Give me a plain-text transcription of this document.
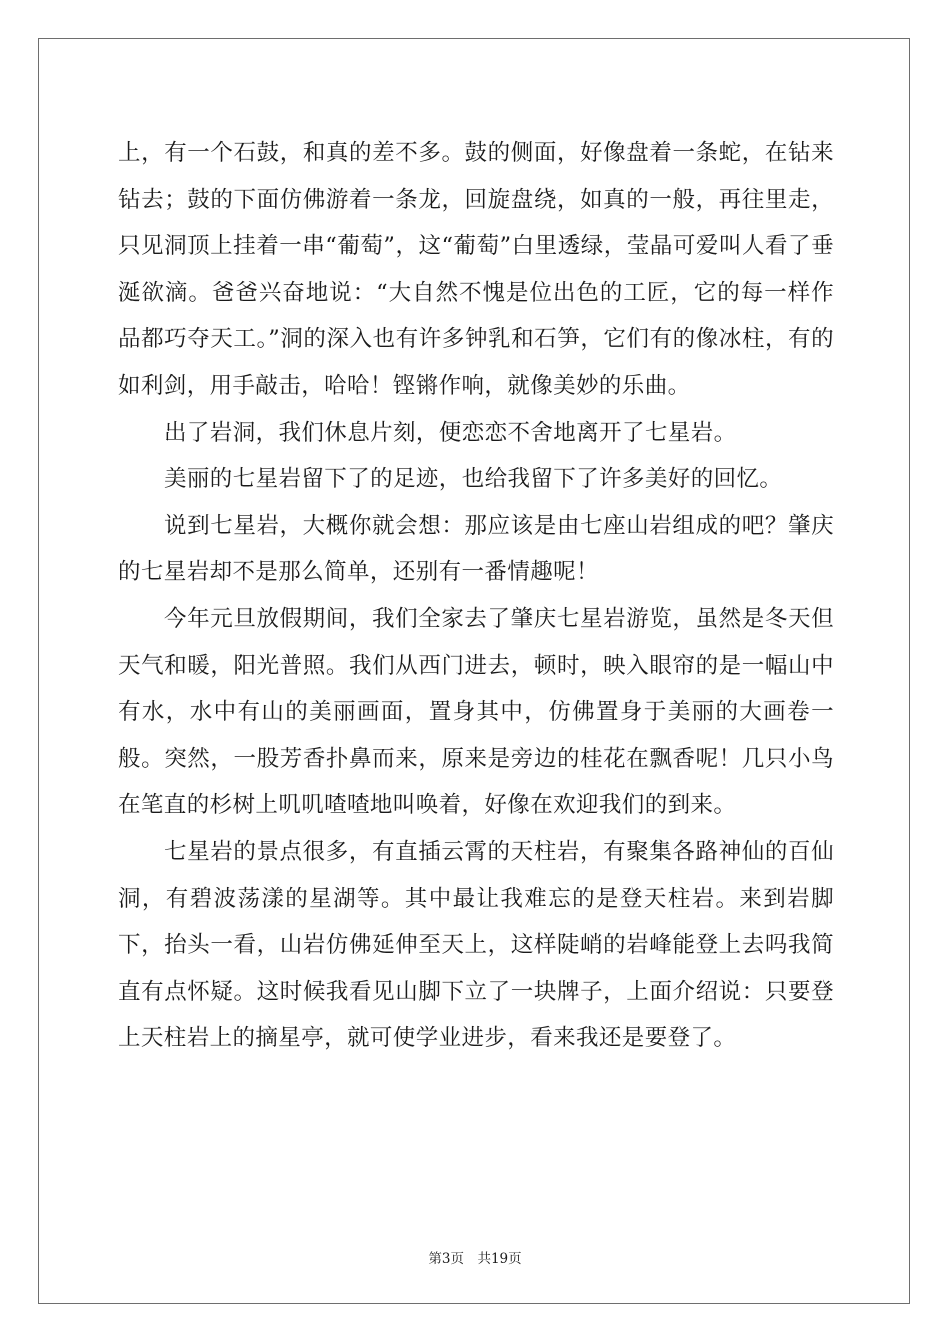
上，有一个石鼓，和真的差不多。鼓的侧面，好像盘着一条蛇，在钻来钻去；鼓的下面仿佛游着一条龙，回旋盘绕，如真的一般，再往里走，只见洞顶上挂着一串“葡萄”，这“葡萄”白里透绿，莹晶可爱叫人看了垂涎欲滴。爸爸兴奋地说：“大自然不愧是位出色的工匠，它的每一样作品都巧夺天工。”洞的深入也有许多钟乳和石笋，它们有的像冰柱，有的如利剑，用手敲击，哈哈！铿锵作响，就像美妙的乐曲。

出了岩洞，我们休息片刻，便恋恋不舍地离开了七星岩。

美丽的七星岩留下了的足迹，也给我留下了许多美好的回忆。

说到七星岩，大概你就会想：那应该是由七座山岩组成的吧？肇庆的七星岩却不是那么简单，还别有一番情趣呢！

今年元旦放假期间，我们全家去了肇庆七星岩游览，虽然是冬天但天气和暖，阳光普照。我们从西门进去，顿时，映入眼帘的是一幅山中有水，水中有山的美丽画面，置身其中，仿佛置身于美丽的大画卷一般。突然，一股芳香扑鼻而来，原来是旁边的桂花在飘香呢！几只小鸟在笔直的杉树上叽叽喳喳地叫唤着，好像在欢迎我们的到来。

七星岩的景点很多，有直插云霄的天柱岩，有聚集各路神仙的百仙洞，有碧波荡漾的星湖等。其中最让我难忘的是登天柱岩。来到岩脚下，抬头一看，山岩仿佛延伸至天上，这样陡峭的岩峰能登上去吗我简直有点怀疑。这时候我看见山脚下立了一块牌子，上面介绍说：只要登上天柱岩上的摘星亭，就可使学业进步，看来我还是要登了。

第3页　共19页
